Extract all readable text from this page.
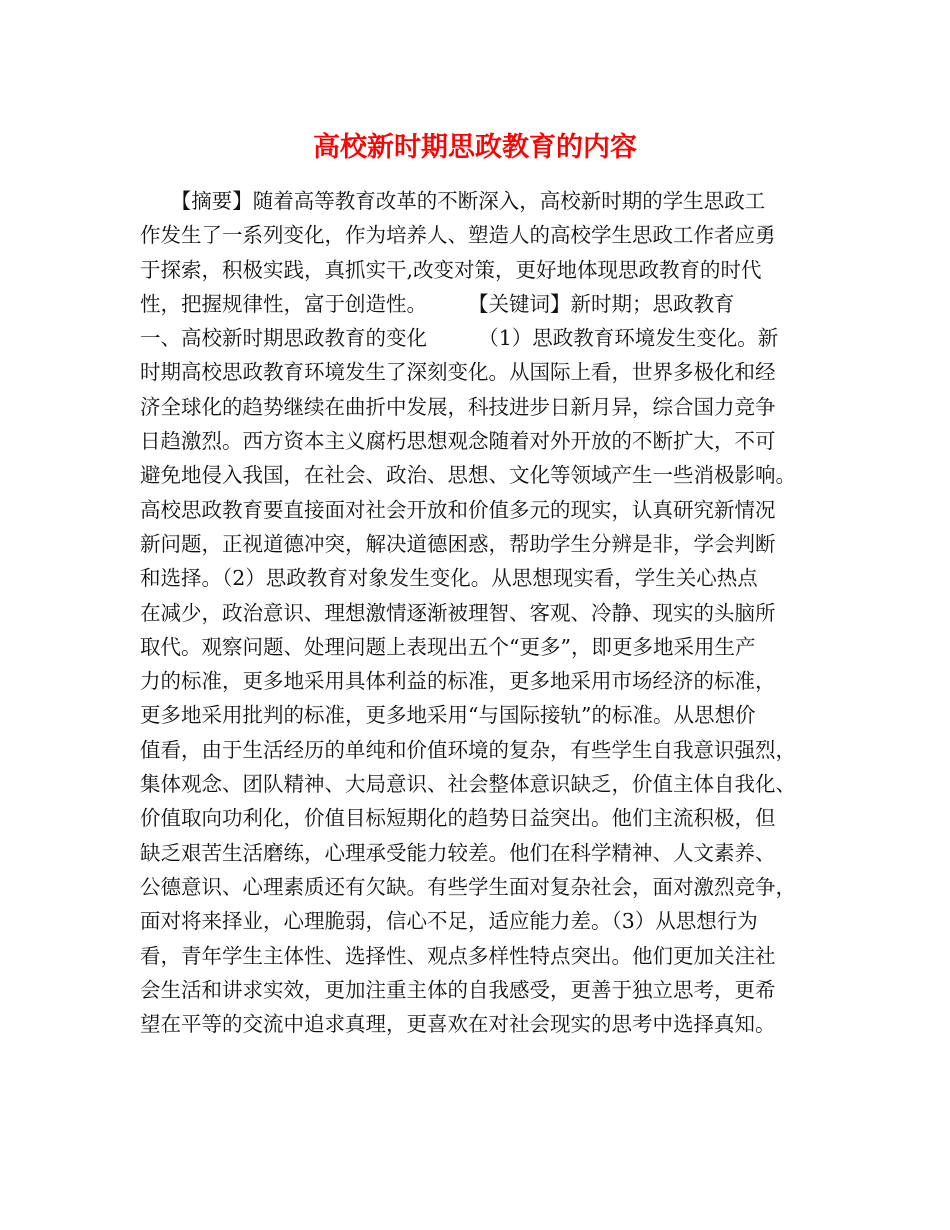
高校新时期思政教育的内容
　　【摘要】随着高等教育改革的不断深入，高校新时期的学生思政工
作发生了一系列变化，作为培养人、塑造人的高校学生思政工作者应勇
于探索，积极实践，真抓实干,改变对策，更好地体现思政教育的时代
性，把握规律性，富于创造性。　　　【关键词】新时期；思政教育　
一、高校新时期思政教育的变化　　　（1）思政教育环境发生变化。新
时期高校思政教育环境发生了深刻变化。从国际上看，世界多极化和经
济全球化的趋势继续在曲折中发展，科技进步日新月异，综合国力竞争
日趋激烈。西方资本主义腐朽思想观念随着对外开放的不断扩大，不可
避免地侵入我国，在社会、政治、思想、文化等领域产生一些消极影响。
高校思政教育要直接面对社会开放和价值多元的现实，认真研究新情况
新问题，正视道德冲突，解决道德困惑，帮助学生分辨是非，学会判断
和选择。（2）思政教育对象发生变化。从思想现实看，学生关心热点
在减少，政治意识、理想激情逐渐被理智、客观、冷静、现实的头脑所
取代。观察问题、处理问题上表现出五个“更多”，即更多地采用生产
力的标准，更多地采用具体利益的标准，更多地采用市场经济的标准，
更多地采用批判的标准，更多地采用“与国际接轨”的标准。从思想价
值看，由于生活经历的单纯和价值环境的复杂，有些学生自我意识强烈，
集体观念、团队精神、大局意识、社会整体意识缺乏，价值主体自我化、
价值取向功利化，价值目标短期化的趋势日益突出。他们主流积极，但
缺乏艰苦生活磨练，心理承受能力较差。他们在科学精神、人文素养、
公德意识、心理素质还有欠缺。有些学生面对复杂社会，面对激烈竞争，
面对将来择业，心理脆弱，信心不足，适应能力差。（3）从思想行为
看，青年学生主体性、选择性、观点多样性特点突出。他们更加关注社
会生活和讲求实效，更加注重主体的自我感受，更善于独立思考，更希
望在平等的交流中追求真理，更喜欢在对社会现实的思考中选择真知。
